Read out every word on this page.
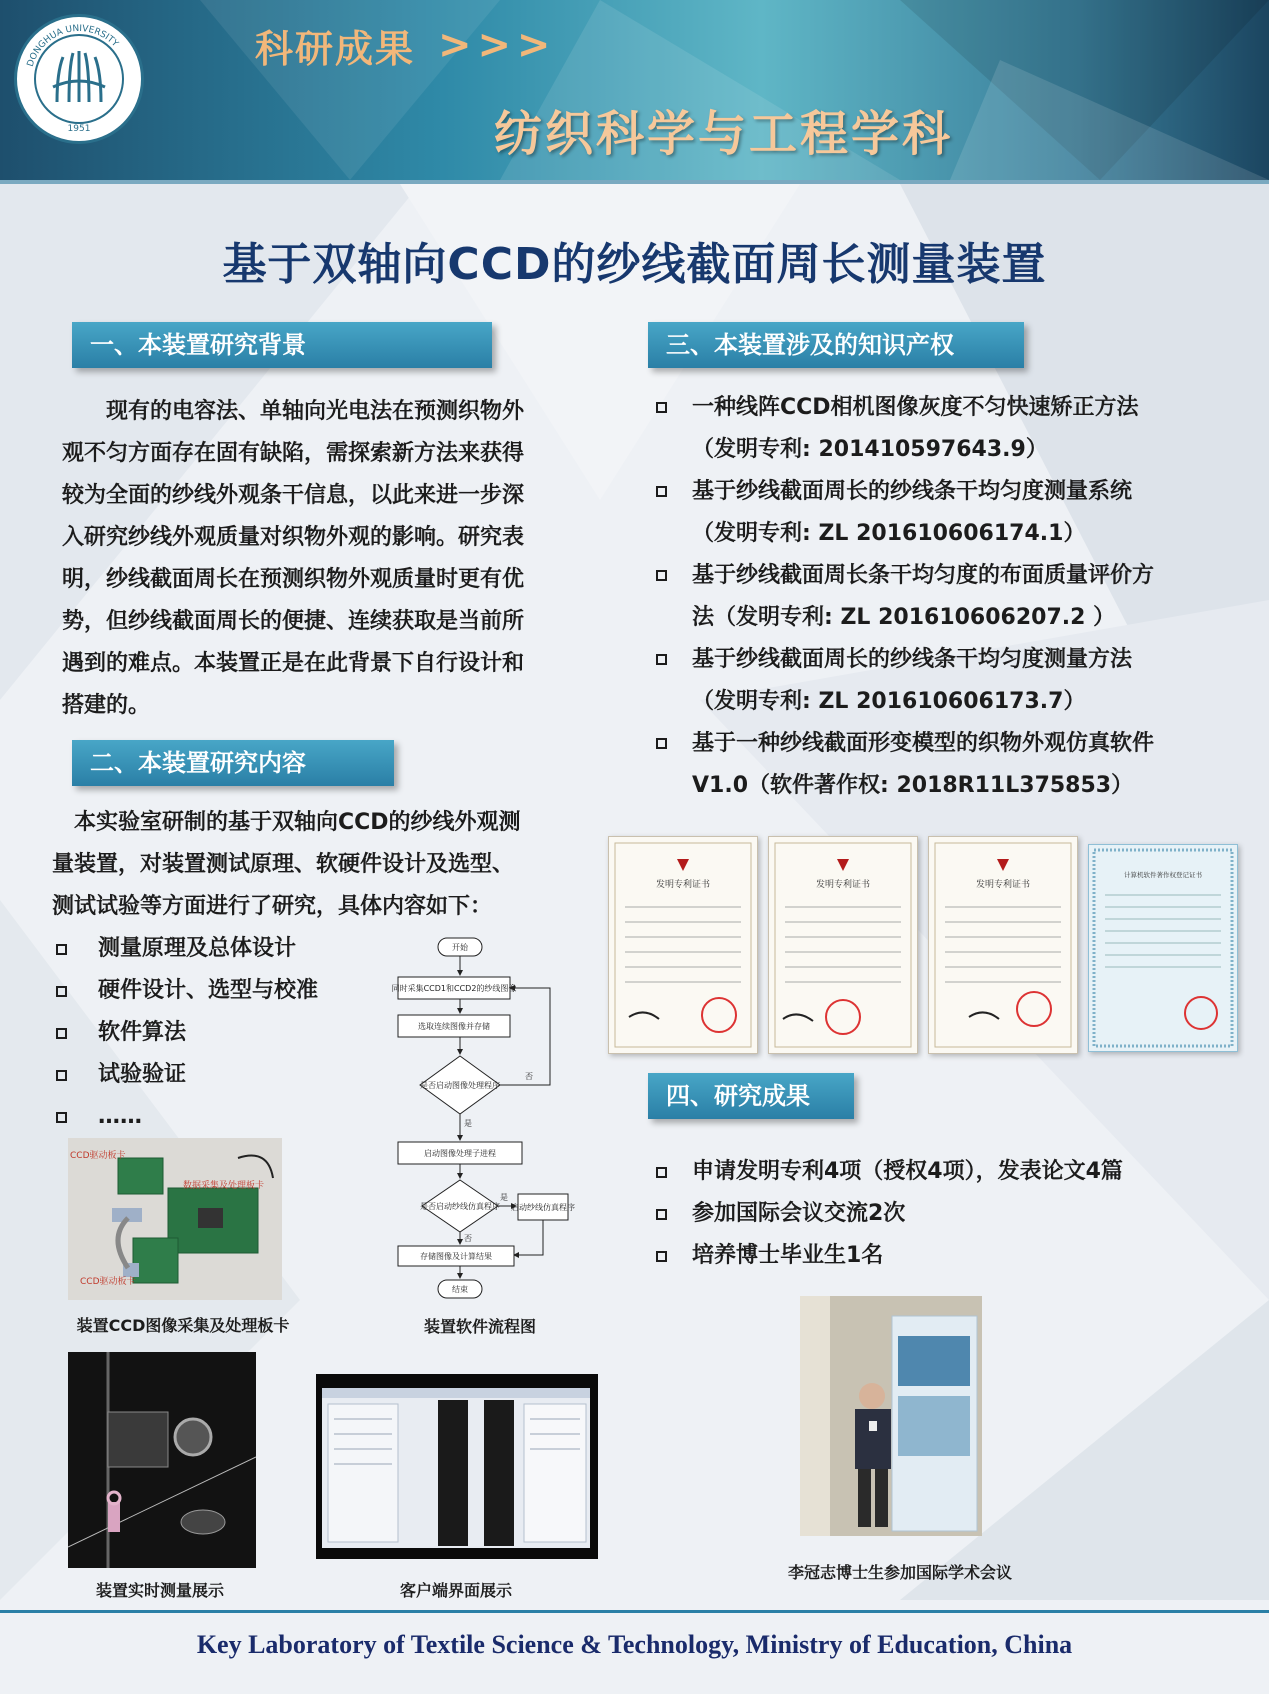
DONGHUA UNIVERSITY
1951
科研成果 > > >
纺织科学与工程学科
基于双轴向CCD的纱线截面周长测量装置
一、本装置研究背景
　　现有的电容法、单轴向光电法在预测织物外
观不匀方面存在固有缺陷，需探索新方法来获得
较为全面的纱线外观条干信息，以此来进一步深
入研究纱线外观质量对织物外观的影响。研究表
明，纱线截面周长在预测织物外观质量时更有优
势，但纱线截面周长的便捷、连续获取是当前所
遇到的难点。本装置正是在此背景下自行设计和
搭建的。
二、本装置研究内容
　本实验室研制的基于双轴向CCD的纱线外观测
量装置，对装置测试原理、软硬件设计及选型、
测试试验等方面进行了研究，具体内容如下：
测量原理及总体设计
硬件设计、选型与校准
软件算法
试验验证
……
CCD驱动板卡
数据采集及处理板卡
CCD驱动板卡
装置CCD图像采集及处理板卡
开始
同时采集CCD1和CCD2的纱线图像
选取连续图像并存储
是否启动图像处理程序
否
是
启动图像处理子进程
是否启动纱线仿真程序
是
启动纱线仿真程序
否
存储图像及计算结果
结束
装置软件流程图
装置实时测量展示	客户端界面展示
三、本装置涉及的知识产权
一种线阵CCD相机图像灰度不匀快速矫正方法
（发明专利: 201410597643.9）
基于纱线截面周长的纱线条干均匀度测量系统
（发明专利: ZL 201610606174.1）
基于纱线截面周长条干均匀度的布面质量评价方
法（发明专利: ZL 201610606207.2 ）
基于纱线截面周长的纱线条干均匀度测量方法
（发明专利: ZL 201610606173.7）
基于一种纱线截面形变模型的织物外观仿真软件
V1.0（软件著作权: 2018R11L375853）
发明专利证书	发明专利证书	发明专利证书
计算机软件著作权登记证书
四、研究成果
申请发明专利4项（授权4项），发表论文4篇
参加国际会议交流2次
培养博士毕业生1名
李冠志博士生参加国际学术会议
Key Laboratory of Textile Science & Technology, Ministry of Education, China
